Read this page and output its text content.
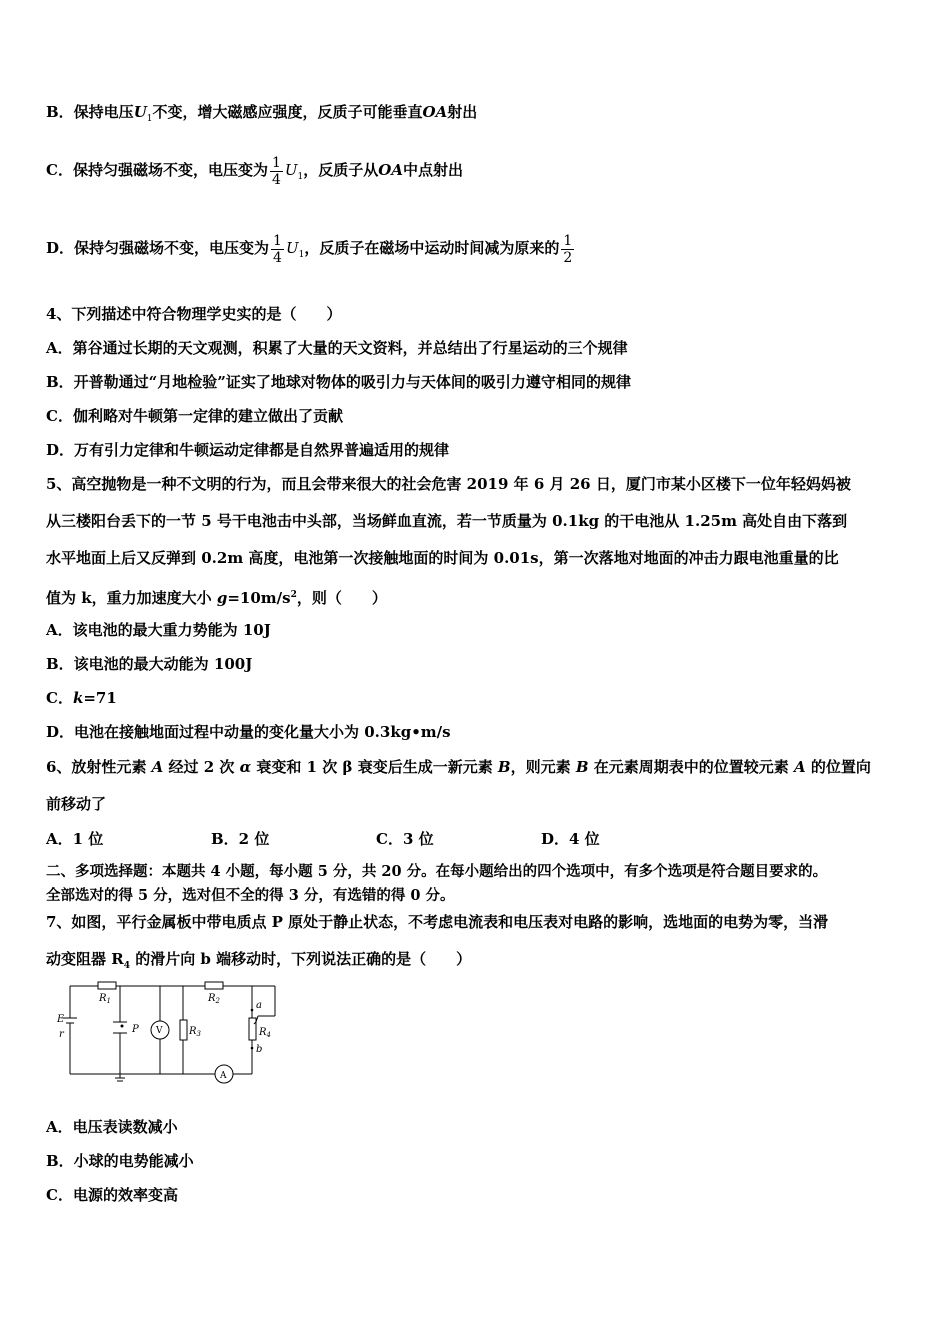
B．保持电压$U_1$不变，增大磁感应强度，反质子可能垂直OA射出
C．保持匀强磁场不变，电压变为 $\frac{1}{4} U_1$，反质子从OA中点射出
D．保持匀强磁场不变，电压变为 $\frac{1}{4} U_1$，反质子在磁场中运动时间减为原来的 $\frac{1}{2}$
4、下列描述中符合物理学史实的是（　　）
A．第谷通过长期的天文观测，积累了大量的天文资料，并总结出了行星运动的三个规律
B．开普勒通过“月地检验”证实了地球对物体的吸引力与天体间的吸引力遵守相同的规律
C．伽利略对牛顿第一定律的建立做出了贡献
D．万有引力定律和牛顿运动定律都是自然界普遍适用的规律
5、高空抛物是一种不文明的行为，而且会带来很大的社会危害 2019 年 6 月 26 日，厦门市某小区楼下一位年轻妈妈被
从三楼阳台丢下的一节 5 号干电池击中头部，当场鲜血直流，若一节质量为 0.1kg 的干电池从 1.25m 高处自由下落到
水平地面上后又反弹到 0.2m 高度，电池第一次接触地面的时间为 0.01s，第一次落地对地面的冲击力跟电池重量的比
值为 k，重力加速度大小 $g=10m/s^2$，则（　　）
A．该电池的最大重力势能为 10J
B．该电池的最大动能为 100J
C．k=71
D．电池在接触地面过程中动量的变化量大小为 0.3kg•m/s
6、放射性元素 A 经过 2 次 α 衰变和 1 次 β 衰变后生成一新元素 B，则元素 B 在元素周期表中的位置较元素 A 的位置向
前移动了
A．1 位	B．2 位	C．3 位	D．4 位
二、多项选择题：本题共 4 小题，每小题 5 分，共 20 分。在每小题给出的四个选项中，有多个选项是符合题目要求的。
全部选对的得 5 分，选对但不全的得 3 分，有选错的得 0 分。
7、如图，平行金属板中带电质点 P 原处于静止状态，不考虑电流表和电压表对电路的影响，选地面的电势为零，当滑
动变阻器 $R_4$ 的滑片向 b 端移动时，下列说法正确的是（　　）
E
r
$R_1$
P V	$R_3$
$R_2$	a
$R_4$
b
A
A．电压表读数减小
B．小球的电势能减小
C．电源的效率变高
